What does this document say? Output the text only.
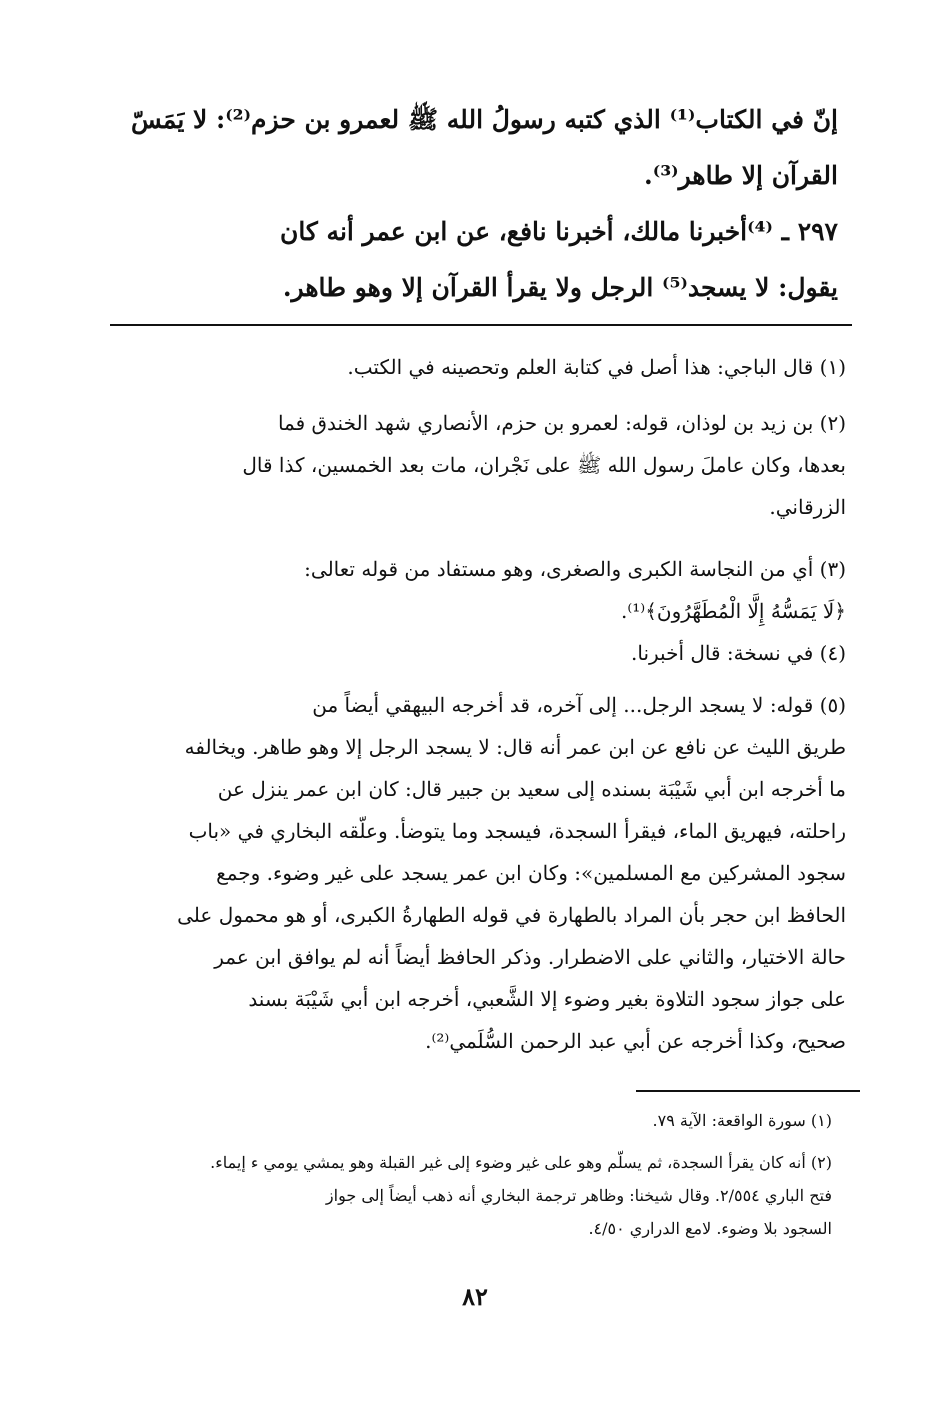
إنّ في الكتاب⁽¹⁾ الذي كتبه رسولُ الله ﷺ لعمرو بن حزم⁽²⁾: لا يَمَسّ
القرآن إلا طاهر⁽³⁾.
٢٩٧ ـ ⁽⁴⁾أخبرنا مالك، أخبرنا نافع، عن ابن عمر أنه كان
يقول: لا يسجد⁽⁵⁾ الرجل ولا يقرأ القرآن إلا وهو طاهر.
(١) قال الباجي: هذا أصل في كتابة العلم وتحصينه في الكتب.
(٢) بن زيد بن لوذان، قوله: لعمرو بن حزم، الأنصاري شهد الخندق فما
بعدها، وكان عاملَ رسول الله ﷺ على نَجْران، مات بعد الخمسين، كذا قال
الزرقاني.
(٣) أي من النجاسة الكبرى والصغرى، وهو مستفاد من قوله تعالى:
﴿لَا يَمَسُّهُ إِلَّا الْمُطَهَّرُونَ﴾⁽¹⁾.
(٤) في نسخة: قال أخبرنا.
(٥) قوله: لا يسجد الرجل... إلى آخره، قد أخرجه البيهقي أيضاً من
طريق الليث عن نافع عن ابن عمر أنه قال: لا يسجد الرجل إلا وهو طاهر. ويخالفه
ما أخرجه ابن أبي شَيْبَة بسنده إلى سعيد بن جبير قال: كان ابن عمر ينزل عن
راحلته، فيهريق الماء، فيقرأ السجدة، فيسجد وما يتوضأ. وعلّقه البخاري في «باب
سجود المشركين مع المسلمين»: وكان ابن عمر يسجد على غير وضوء. وجمع
الحافظ ابن حجر بأن المراد بالطهارة في قوله الطهارةُ الكبرى، أو هو محمول على
حالة الاختيار، والثاني على الاضطرار. وذكر الحافظ أيضاً أنه لم يوافق ابن عمر
على جواز سجود التلاوة بغير وضوء إلا الشَّعبي، أخرجه ابن أبي شَيْبَة بسند
صحيح، وكذا أخرجه عن أبي عبد الرحمن السُّلَمي⁽²⁾.
(١) سورة الواقعة: الآية ٧٩.
(٢) أنه كان يقرأ السجدة، ثم يسلّم وهو على غير وضوء إلى غير القبلة وهو يمشي يومي ء إيماء.
فتح الباري ٢/٥٥٤. وقال شيخنا: وظاهر ترجمة البخاري أنه ذهب أيضاً إلى جواز
السجود بلا وضوء. لامع الدراري ٤/٥٠.
٨٢
